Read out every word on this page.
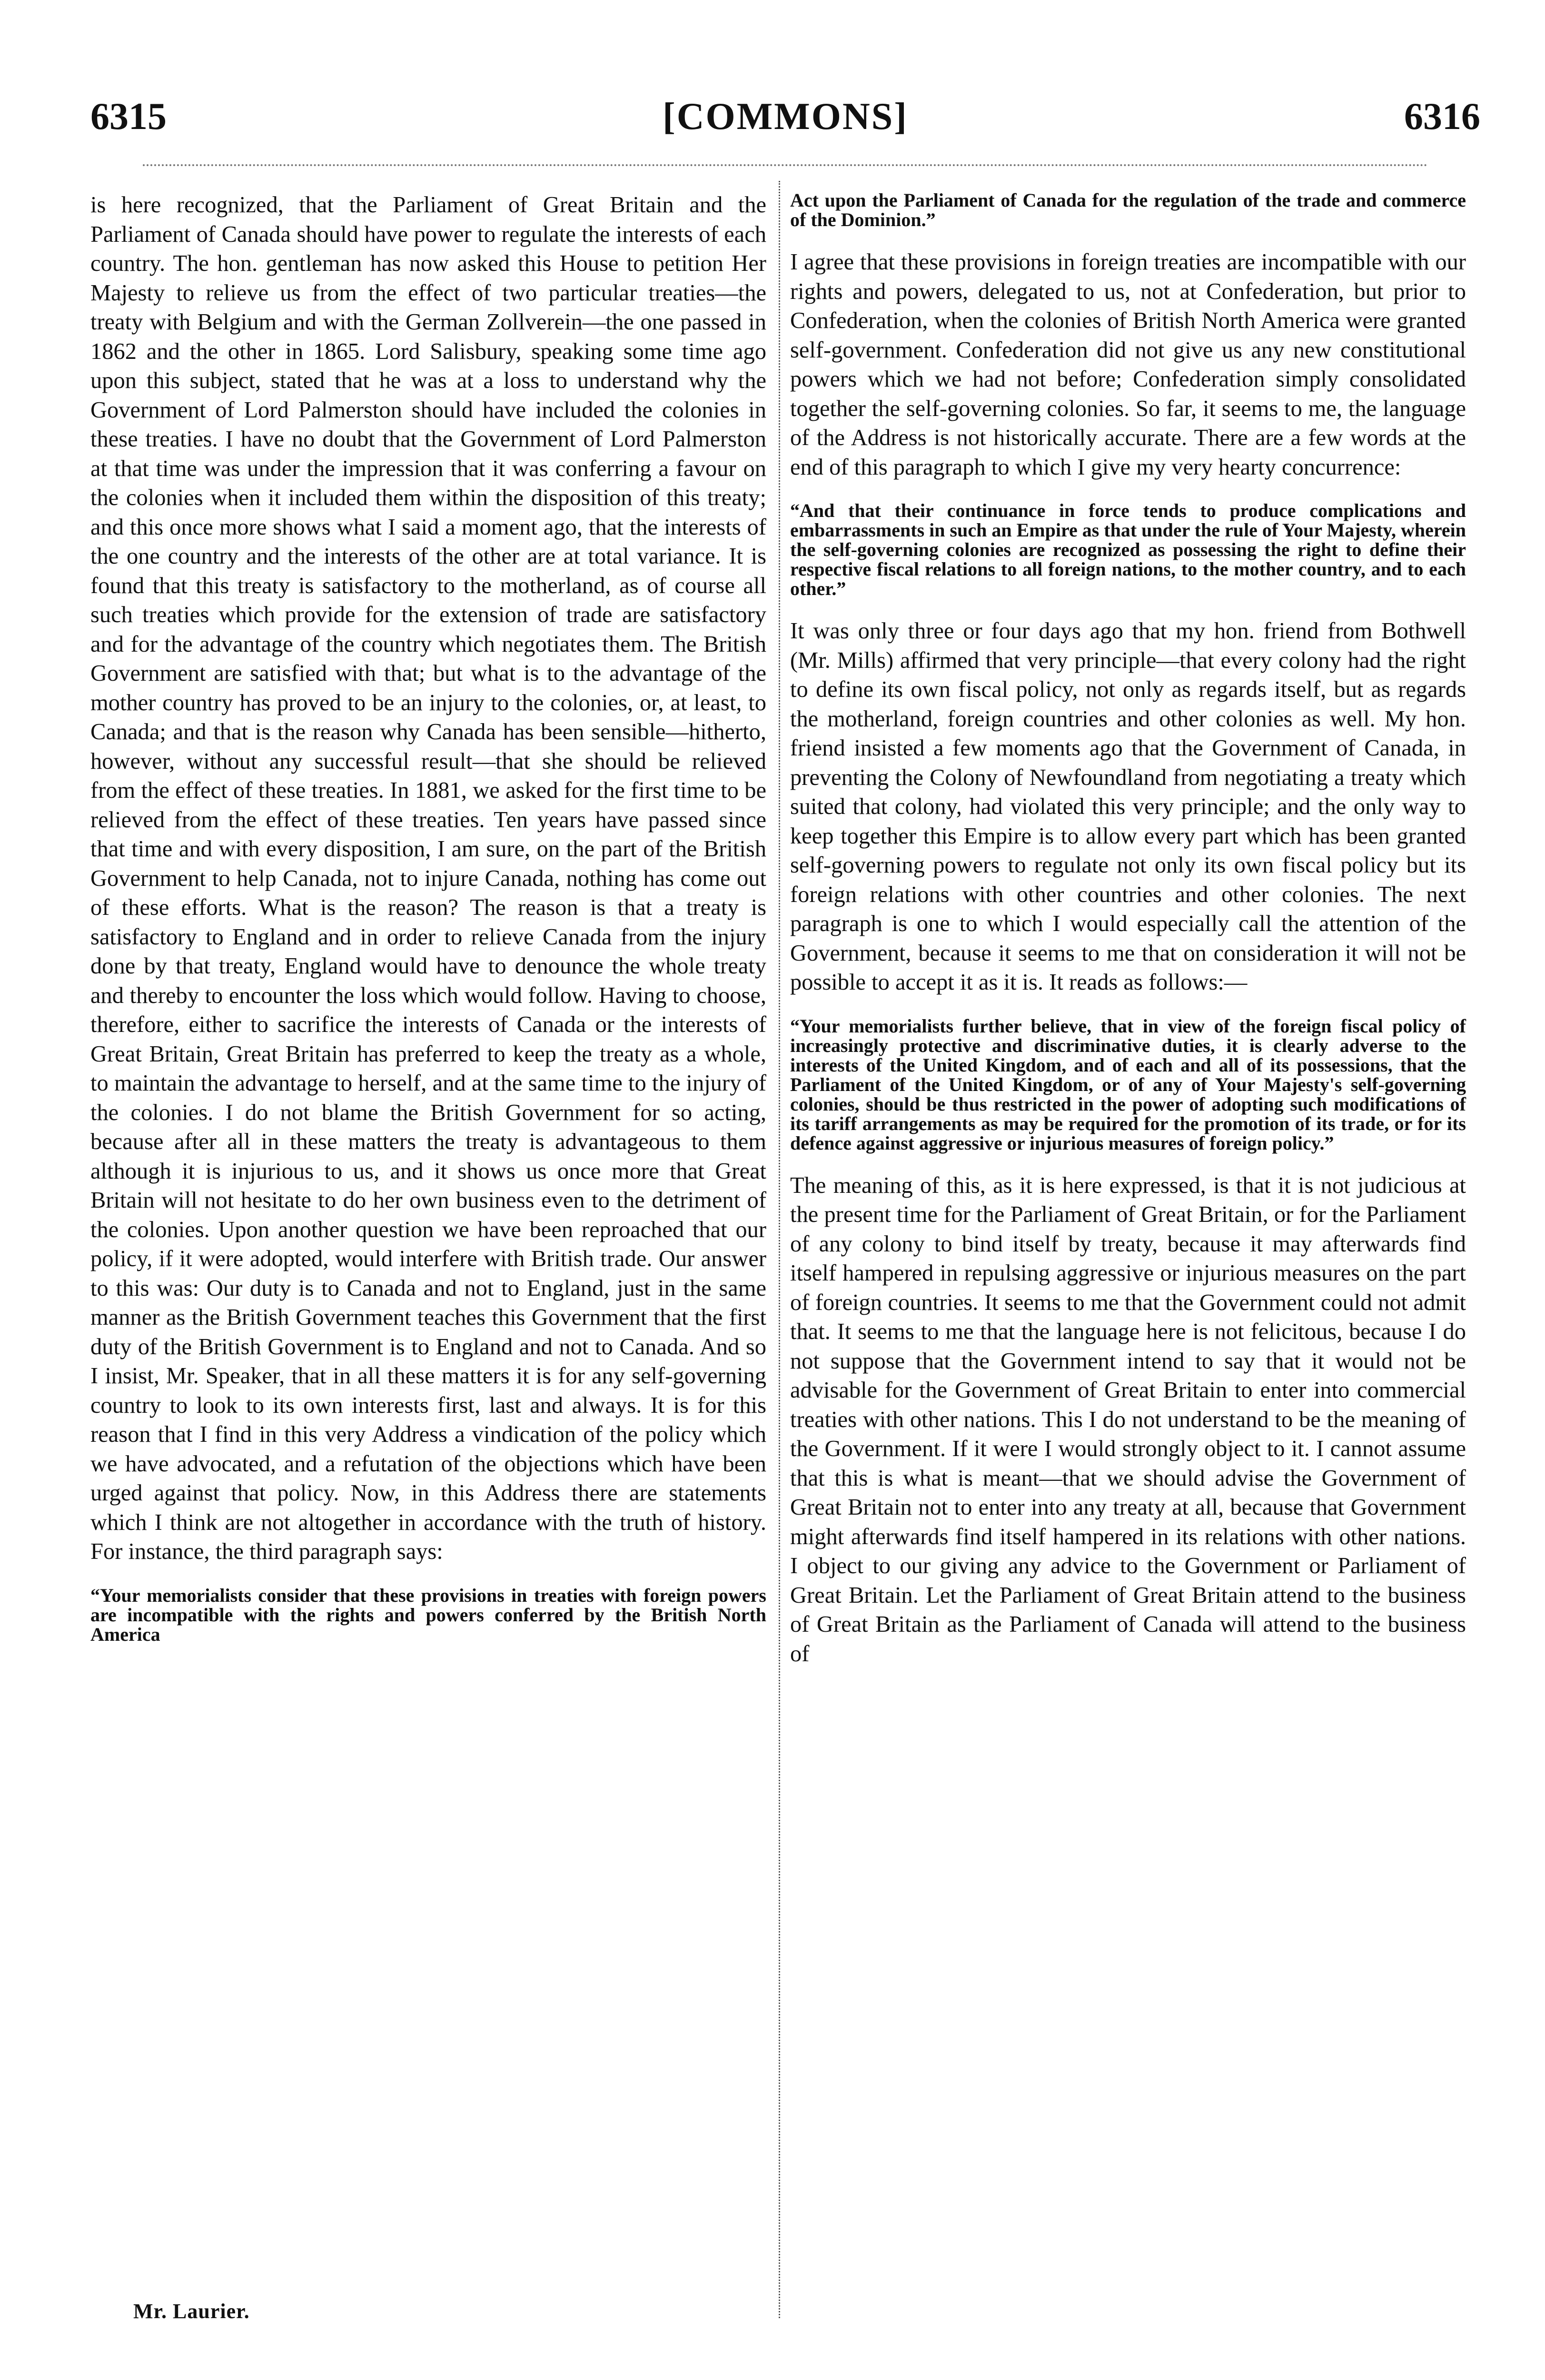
6315	[COMMONS]	6316

is here recognized, that the Parliament of Great Britain and the Parliament of Canada should have power to regulate the interests of each country. The hon. gentleman has now asked this House to petition Her Majesty to relieve us from the effect of two particular treaties—the treaty with Belgium and with the German Zollverein—the one passed in 1862 and the other in 1865. Lord Salisbury, speaking some time ago upon this subject, stated that he was at a loss to understand why the Government of Lord Palmerston should have included the colonies in these treaties. I have no doubt that the Government of Lord Palmerston at that time was under the impression that it was conferring a favour on the colonies when it included them within the disposition of this treaty; and this once more shows what I said a moment ago, that the interests of the one country and the interests of the other are at total variance. It is found that this treaty is satisfactory to the motherland, as of course all such treaties which provide for the extension of trade are satisfactory and for the advantage of the country which negotiates them. The British Government are satisfied with that; but what is to the advantage of the mother country has proved to be an injury to the colonies, or, at least, to Canada; and that is the reason why Canada has been sensible—hitherto, however, without any successful result—that she should be relieved from the effect of these treaties. In 1881, we asked for the first time to be relieved from the effect of these treaties. Ten years have passed since that time and with every disposition, I am sure, on the part of the British Government to help Canada, not to injure Canada, nothing has come out of these efforts. What is the reason? The reason is that a treaty is satisfactory to England and in order to relieve Canada from the injury done by that treaty, England would have to denounce the whole treaty and thereby to encounter the loss which would follow. Having to choose, therefore, either to sacrifice the interests of Canada or the interests of Great Britain, Great Britain has preferred to keep the treaty as a whole, to maintain the advantage to herself, and at the same time to the injury of the colonies. I do not blame the British Government for so acting, because after all in these matters the treaty is advantageous to them although it is injurious to us, and it shows us once more that Great Britain will not hesitate to do her own business even to the detriment of the colonies. Upon another question we have been reproached that our policy, if it were adopted, would interfere with British trade. Our answer to this was: Our duty is to Canada and not to England, just in the same manner as the British Government teaches this Government that the first duty of the British Government is to England and not to Canada. And so I insist, Mr. Speaker, that in all these matters it is for any self-governing country to look to its own interests first, last and always. It is for this reason that I find in this very Address a vindication of the policy which we have advocated, and a refutation of the objections which have been urged against that policy. Now, in this Address there are statements which I think are not altogether in accordance with the truth of history. For instance, the third paragraph says:

“Your memorialists consider that these provisions in treaties with foreign powers are incompatible with the rights and powers conferred by the British North America

Act upon the Parliament of Canada for the regulation of the trade and commerce of the Dominion.”

I agree that these provisions in foreign treaties are incompatible with our rights and powers, delegated to us, not at Confederation, but prior to Confederation, when the colonies of British North America were granted self-government. Confederation did not give us any new constitutional powers which we had not before; Confederation simply consolidated together the self-governing colonies. So far, it seems to me, the language of the Address is not historically accurate. There are a few words at the end of this paragraph to which I give my very hearty concurrence:

“And that their continuance in force tends to produce complications and embarrassments in such an Empire as that under the rule of Your Majesty, wherein the self-governing colonies are recognized as possessing the right to define their respective fiscal relations to all foreign nations, to the mother country, and to each other.”

It was only three or four days ago that my hon. friend from Bothwell (Mr. Mills) affirmed that very principle—that every colony had the right to define its own fiscal policy, not only as regards itself, but as regards the motherland, foreign countries and other colonies as well. My hon. friend insisted a few moments ago that the Government of Canada, in preventing the Colony of Newfoundland from negotiating a treaty which suited that colony, had violated this very principle; and the only way to keep together this Empire is to allow every part which has been granted self-governing powers to regulate not only its own fiscal policy but its foreign relations with other countries and other colonies. The next paragraph is one to which I would especially call the attention of the Government, because it seems to me that on consideration it will not be possible to accept it as it is. It reads as follows:—

“Your memorialists further believe, that in view of the foreign fiscal policy of increasingly protective and discriminative duties, it is clearly adverse to the interests of the United Kingdom, and of each and all of its possessions, that the Parliament of the United Kingdom, or of any of Your Majesty's self-governing colonies, should be thus restricted in the power of adopting such modifications of its tariff arrangements as may be required for the promotion of its trade, or for its defence against aggressive or injurious measures of foreign policy.”

The meaning of this, as it is here expressed, is that it is not judicious at the present time for the Parliament of Great Britain, or for the Parliament of any colony to bind itself by treaty, because it may afterwards find itself hampered in repulsing aggressive or injurious measures on the part of foreign countries. It seems to me that the Government could not admit that. It seems to me that the language here is not felicitous, because I do not suppose that the Government intend to say that it would not be advisable for the Government of Great Britain to enter into commercial treaties with other nations. This I do not understand to be the meaning of the Government. If it were I would strongly object to it. I cannot assume that this is what is meant—that we should advise the Government of Great Britain not to enter into any treaty at all, because that Government might afterwards find itself hampered in its relations with other nations. I object to our giving any advice to the Government or Parliament of Great Britain. Let the Parliament of Great Britain attend to the business of Great Britain as the Parliament of Canada will attend to the business of

Mr. Laurier.
